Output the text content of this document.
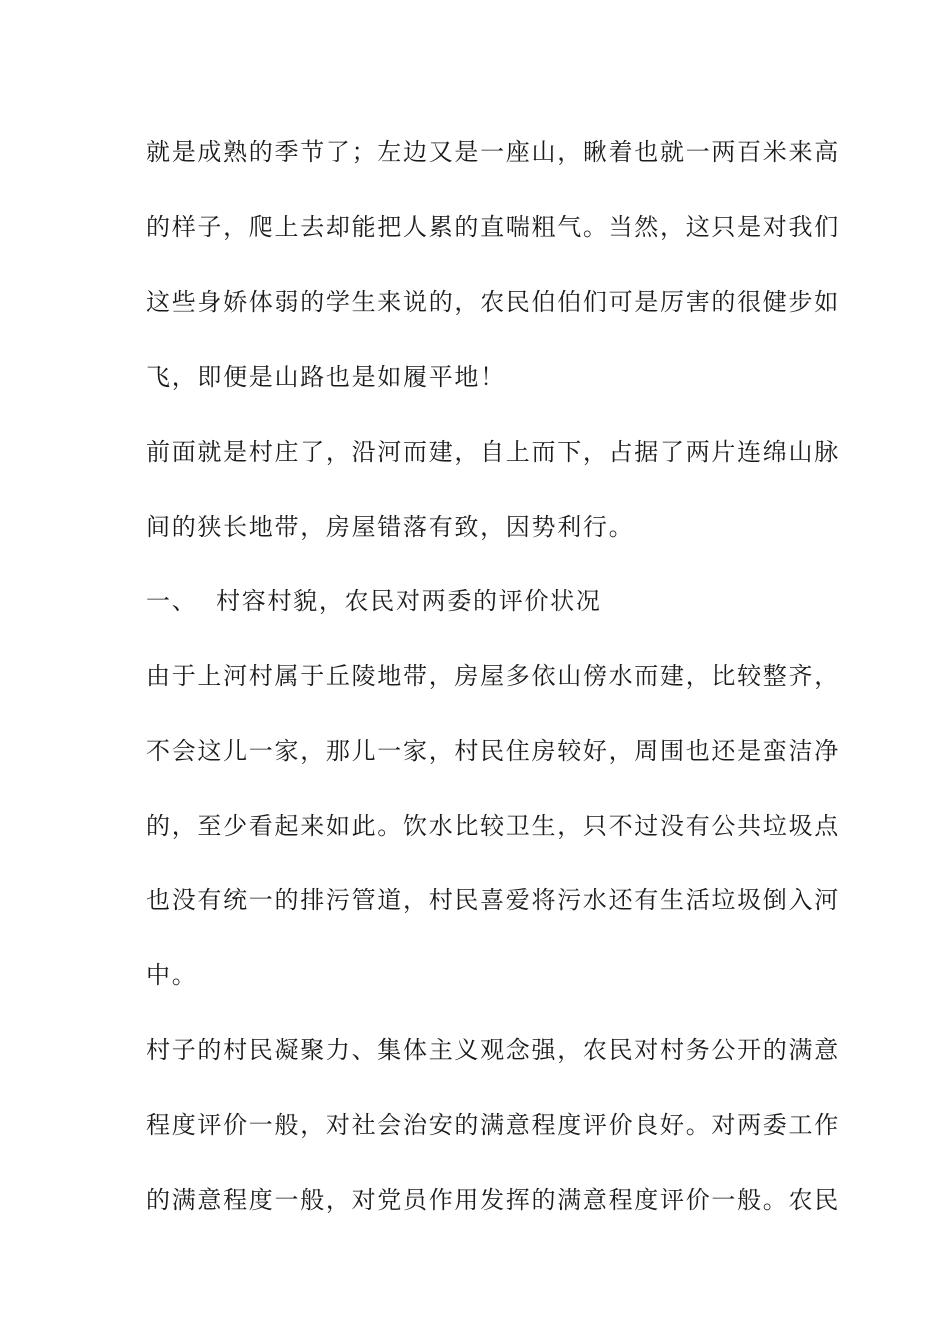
就是成熟的季节了；左边又是一座山，瞅着也就一两百米来高

的样子，爬上去却能把人累的直喘粗气。当然，这只是对我们

这些身娇体弱的学生来说的，农民伯伯们可是厉害的很健步如

飞，即便是山路也是如履平地！

前面就是村庄了，沿河而建，自上而下，占据了两片连绵山脉

间的狭长地带，房屋错落有致，因势利行。

一、  村容村貌，农民对两委的评价状况

由于上河村属于丘陵地带，房屋多依山傍水而建，比较整齐，

不会这儿一家，那儿一家，村民住房较好，周围也还是蛮洁净

的，至少看起来如此。饮水比较卫生，只不过没有公共垃圾点

也没有统一的排污管道，村民喜爱将污水还有生活垃圾倒入河

中。

村子的村民凝聚力、集体主义观念强，农民对村务公开的满意

程度评价一般，对社会治安的满意程度评价良好。对两委工作

的满意程度一般，对党员作用发挥的满意程度评价一般。农民
